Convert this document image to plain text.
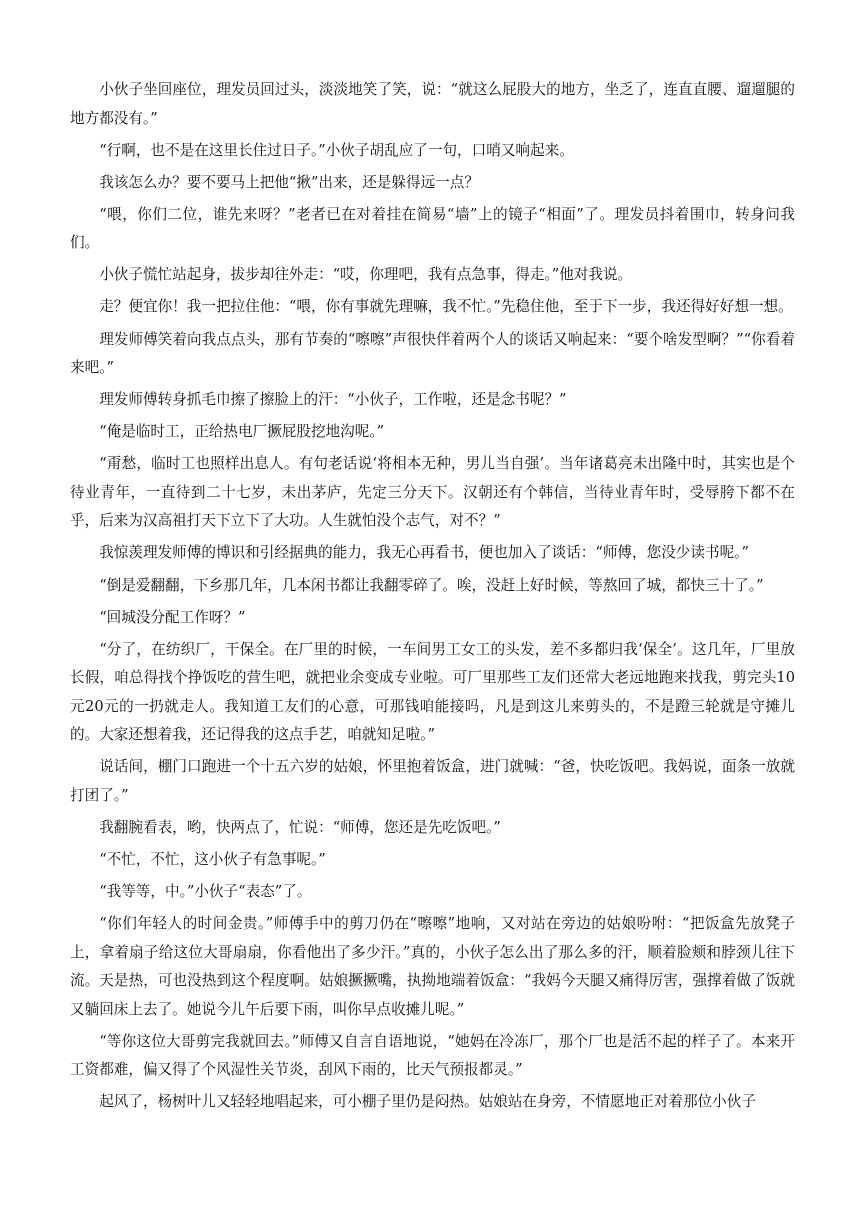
小伙子坐回座位，理发员回过头，淡淡地笑了笑，说：“就这么屁股大的地方，坐乏了，连直直腰、遛遛腿的地方都没有。”

“行啊，也不是在这里长住过日子。”小伙子胡乱应了一句，口哨又响起来。

我该怎么办？要不要马上把他“揪”出来，还是躲得远一点？

“喂，你们二位，谁先来呀？”老者已在对着挂在简易“墙”上的镜子“相面”了。理发员抖着围巾，转身问我们。

小伙子慌忙站起身，拔步却往外走：“哎，你理吧，我有点急事，得走。”他对我说。

走？便宜你！我一把拉住他：“喂，你有事就先理嘛，我不忙。”先稳住他，至于下一步，我还得好好想一想。

理发师傅笑着向我点点头，那有节奏的“嚓嚓”声很快伴着两个人的谈话又响起来：“要个啥发型啊？”“你看着来吧。”

理发师傅转身抓毛巾擦了擦脸上的汗：“小伙子，工作啦，还是念书呢？”

“俺是临时工，正给热电厂撅屁股挖地沟呢。”

“甭愁，临时工也照样出息人。有句老话说‘将相本无种，男儿当自强’。当年诸葛亮未出隆中时，其实也是个待业青年，一直待到二十七岁，未出茅庐，先定三分天下。汉朝还有个韩信，当待业青年时，受辱胯下都不在乎，后来为汉高祖打天下立下了大功。人生就怕没个志气，对不？”

我惊羡理发师傅的博识和引经据典的能力，我无心再看书，便也加入了谈话：“师傅，您没少读书呢。”

“倒是爱翻翻，下乡那几年，几本闲书都让我翻零碎了。唉，没赶上好时候，等熬回了城，都快三十了。”

“回城没分配工作呀？”

“分了，在纺织厂，干保全。在厂里的时候，一车间男工女工的头发，差不多都归我‘保全’。这几年，厂里放长假，咱总得找个挣饭吃的营生吧，就把业余变成专业啦。可厂里那些工友们还常大老远地跑来找我，剪完头10元20元的一扔就走人。我知道工友们的心意，可那钱咱能接吗，凡是到这儿来剪头的，不是蹬三轮就是守摊儿的。大家还想着我，还记得我的这点手艺，咱就知足啦。”

说话间，棚门口跑进一个十五六岁的姑娘，怀里抱着饭盒，进门就喊：“爸，快吃饭吧。我妈说，面条一放就打团了。”

我翻腕看表，哟，快两点了，忙说：“师傅，您还是先吃饭吧。”

“不忙，不忙，这小伙子有急事呢。”

“我等等，中。”小伙子“表态”了。

“你们年轻人的时间金贵。”师傅手中的剪刀仍在“嚓嚓”地响，又对站在旁边的姑娘吩咐：“把饭盒先放凳子上，拿着扇子给这位大哥扇扇，你看他出了多少汗。”真的，小伙子怎么出了那么多的汗，顺着脸颊和脖颈儿往下流。天是热，可也没热到这个程度啊。姑娘撅撅嘴，执拗地端着饭盒：“我妈今天腿又痛得厉害，强撑着做了饭就又躺回床上去了。她说今儿午后要下雨，叫你早点收摊儿呢。”

“等你这位大哥剪完我就回去。”师傅又自言自语地说，“她妈在冷冻厂，那个厂也是活不起的样子了。本来开工资都难，偏又得了个风湿性关节炎，刮风下雨的，比天气预报都灵。”

起风了，杨树叶儿又轻轻地唱起来，可小棚子里仍是闷热。姑娘站在身旁，不情愿地正对着那位小伙子
